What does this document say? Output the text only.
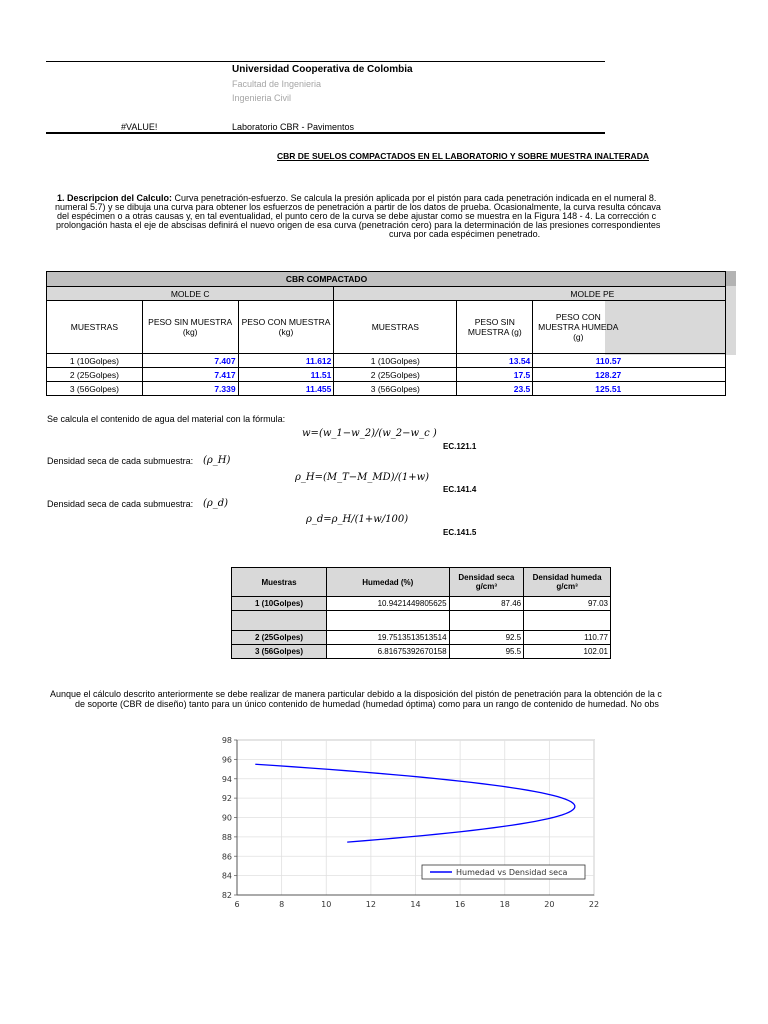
Universidad Cooperativa de Colombia
Facultad de Ingenieria
Ingenieria Civil
#VALUE!	Laboratorio CBR - Pavimentos
CBR DE SUELOS COMPACTADOS EN EL LABORATORIO Y SOBRE MUESTRA INALTERADA
1. Descripcion del Calculo: Curva penetración-esfuerzo. Se calcula la presión aplicada por el pistón para cada penetración indicada en el numeral 8.
numeral 5.7) y se dibuja una curva para obtener los esfuerzos de penetración a partir de los datos de prueba. Ocasionalmente, la curva resulta cóncava
del espécimen o a otras causas y, en tal eventualidad, el punto cero de la curva se debe ajustar como se muestra en la Figura 148 - 4. La corrección c
prolongación hasta el eje de abscisas definirá el nuevo origen de esa curva (penetración cero) para la determinación de las presiones correspondientes
curva por cada espécimen penetrado.
CBR COMPACTADO					
MOLDE C			MOLDE PE		
MUESTRAS	PESO SIN MUESTRA (kg)	PESO CON MUESTRA (kg)	MUESTRAS	PESO SIN MUESTRA (g)	PESO CON MUESTRA HUMEDA (g)

1 (10Golpes)	7.407	11.612	1 (10Golpes)	13.54	110.57

2 (25Golpes)	7.417	11.51	2 (25Golpes)	17.5	128.27

3 (56Golpes)	7.339	11.455	3 (56Golpes)	23.5	125.51
Se calcula el contenido de agua del material con la fórmula:
w=(w_1−w_2)/(w_2−w_c )
EC.121.1
Densidad seca de cada submuestra: (ρ_H)
ρ_H=(M_T−M_MD)/(1+w)
EC.141.4
Densidad seca de cada submuestra: (ρ_d)
ρ_d=ρ_H/(1+w/100)
EC.141.5
Muestras	Humedad (%)	Densidad seca g/cm³	Densidad humeda g/cm³
1 (10Golpes)	10.9421449805625	87.46	97.03

2 (25Golpes)	19.7513513513514	92.5	110.77
3 (56Golpes)	6.81675392670158	95.5	102.01
Aunque el cálculo descrito anteriormente se debe realizar de manera particular debido a la disposición del pistón de penetración para la obtención de la c
de soporte (CBR de diseño) tanto para un único contenido de humedad (humedad óptima) como para un rango de contenido de humedad. No obs
6	8	10	12	14	16	18	20	22
82
84
86
88
90
92
94
96
98
Humedad vs Densidad seca
